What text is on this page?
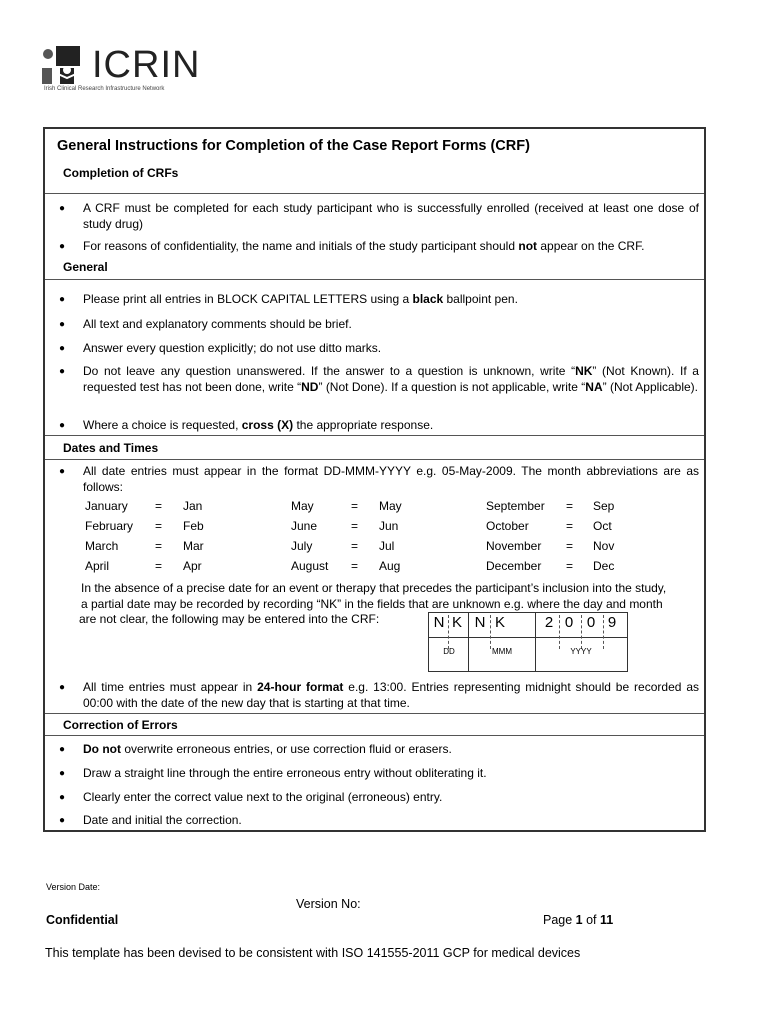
ICRIN
Irish Clinical Research Infrastructure Network
General Instructions for Completion of the Case Report Forms (CRF)
Completion of CRFs
● A CRF must be completed for each study participant who is successfully enrolled (received at least one dose of study drug)
● For reasons of confidentiality, the name and initials of the study participant should not appear on the CRF.
General
● Please print all entries in BLOCK CAPITAL LETTERS using a black ballpoint pen.
● All text and explanatory comments should be brief.
● Answer every question explicitly; do not use ditto marks.
● Do not leave any question unanswered. If the answer to a question is unknown, write “NK” (Not Known). If a requested test has not been done, write “ND” (Not Done). If a question is not applicable, write “NA” (Not Applicable).
● Where a choice is requested, cross (X) the appropriate response.
Dates and Times
● All date entries must appear in the format DD-MMM-YYYY e.g. 05-May-2009. The month abbreviations are as follows:
January = Jan	May	= May	September = Sep
February = Feb	June	= Jun	October	= Oct
March	= Mar	July	= Jul	November = Nov
April	= Apr	August = Aug	December = Dec
In the absence of a precise date for an event or therapy that precedes the participant’s inclusion into the study,
a partial date may be recorded by recording “NK” in the fields that are unknown e.g. where the day and month
are not clear, the following may be entered into the CRF:	N K N K	2 0 0 9
DD	MMM	YYYY
● All time entries must appear in 24-hour format e.g. 13:00. Entries representing midnight should be recorded as 00:00 with the date of the new day that is starting at that time.
Correction of Errors
● Do not overwrite erroneous entries, or use correction fluid or erasers.
● Draw a straight line through the entire erroneous entry without obliterating it.
● Clearly enter the correct value next to the original (erroneous) entry.
● Date and initial the correction.
Version Date:
Version No:
Confidential	Page 1 of 11
This template has been devised to be consistent with ISO 141555-2011 GCP for medical devices
